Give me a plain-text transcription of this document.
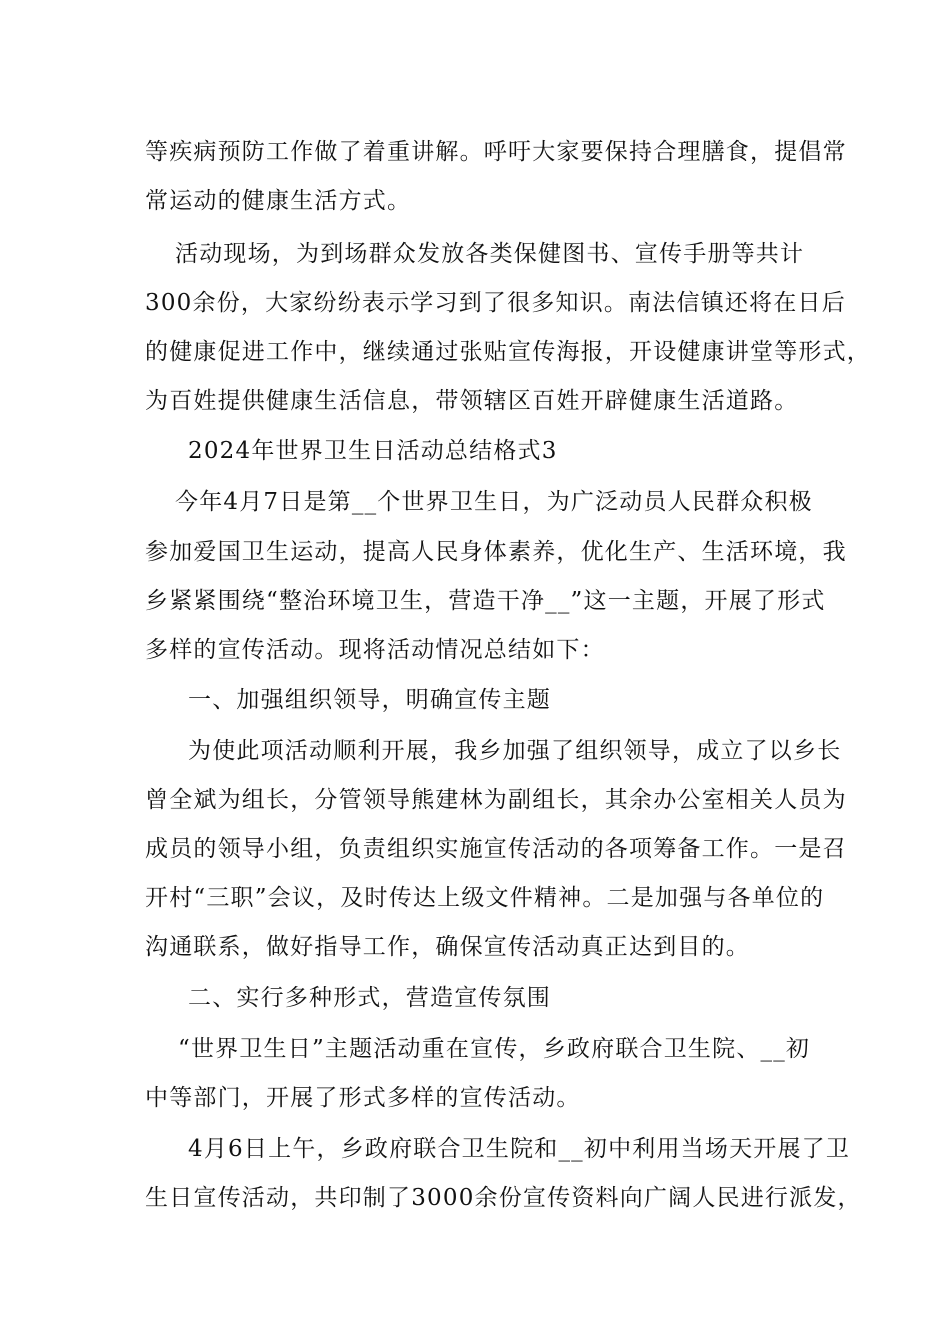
等疾病预防工作做了着重讲解。呼吁大家要保持合理膳食，提倡常
常运动的健康生活方式。
活动现场，为到场群众发放各类保健图书、宣传手册等共计
300余份，大家纷纷表示学习到了很多知识。南法信镇还将在日后
的健康促进工作中，继续通过张贴宣传海报，开设健康讲堂等形式，
为百姓提供健康生活信息，带领辖区百姓开辟健康生活道路。
2024年世界卫生日活动总结格式3
今年4月7日是第__个世界卫生日，为广泛动员人民群众积极
参加爱国卫生运动，提高人民身体素养，优化生产、生活环境，我
乡紧紧围绕“整治环境卫生，营造干净__”这一主题，开展了形式
多样的宣传活动。现将活动情况总结如下：
一、加强组织领导，明确宣传主题
为使此项活动顺利开展，我乡加强了组织领导，成立了以乡长
曾全斌为组长，分管领导熊建林为副组长，其余办公室相关人员为
成员的领导小组，负责组织实施宣传活动的各项筹备工作。一是召
开村“三职”会议，及时传达上级文件精神。二是加强与各单位的
沟通联系，做好指导工作，确保宣传活动真正达到目的。
二、实行多种形式，营造宣传氛围
“世界卫生日”主题活动重在宣传，乡政府联合卫生院、__初
中等部门，开展了形式多样的宣传活动。
4月6日上午，乡政府联合卫生院和__初中利用当场天开展了卫
生日宣传活动，共印制了3000余份宣传资料向广阔人民进行派发，
